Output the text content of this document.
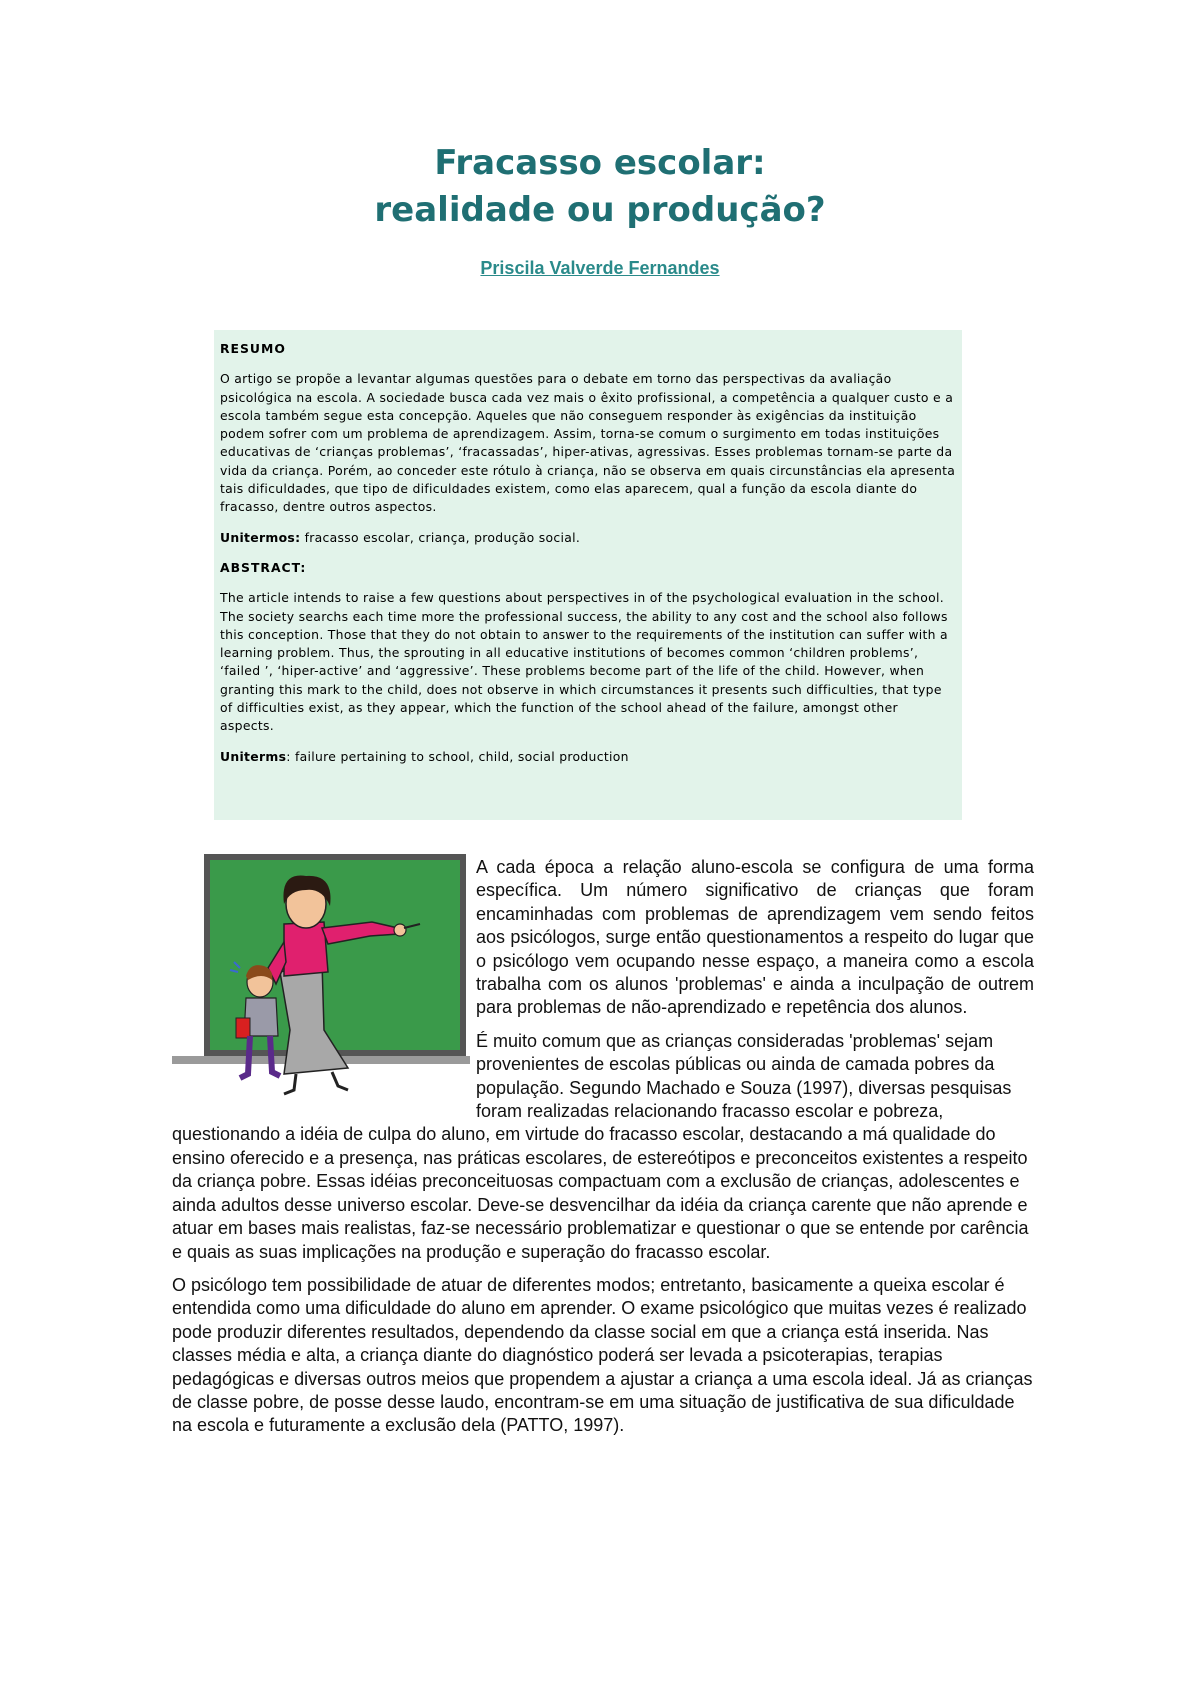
Fracasso escolar:
realidade ou produção?
Priscila Valverde Fernandes

RESUMO

O artigo se propõe a levantar algumas questões para o debate em torno das perspectivas da avaliação psicológica na escola. A sociedade busca cada vez mais o êxito profissional, a competência a qualquer custo e a escola também segue esta concepção. Aqueles que não conseguem responder às exigências da instituição podem sofrer com um problema de aprendizagem. Assim, torna-se comum o surgimento em todas instituições educativas de ‘crianças problemas’, ‘fracassadas’, hiper-ativas, agressivas. Esses problemas tornam-se parte da vida da criança. Porém, ao conceder este rótulo à criança, não se observa em quais circunstâncias ela apresenta tais dificuldades, que tipo de dificuldades existem, como elas aparecem, qual a função da escola diante do fracasso, dentre outros aspectos.

Unitermos: fracasso escolar, criança, produção social.

ABSTRACT:

The article intends to raise a few questions about perspectives in of the psychological evaluation in the school. The society searchs each time more the professional success, the ability to any cost and the school also follows this conception. Those that they do not obtain to answer to the requirements of the institution can suffer with a learning problem. Thus, the sprouting in all educative institutions of becomes common ‘children problems’, ‘failed ’, ‘hiper-active’ and ‘aggressive’. These problems become part of the life of the child. However, when granting this mark to the child, does not observe in which circumstances it presents such difficulties, that type of difficulties exist, as they appear, which the function of the school ahead of the failure, amongst other aspects.

Uniterms: failure pertaining to school, child, social production

A cada época a relação aluno-escola se configura de uma forma específica. Um número significativo de crianças que foram encaminhadas com problemas de aprendizagem vem sendo feitos aos psicólogos, surge então questionamentos a respeito do lugar que o psicólogo vem ocupando nesse espaço, a maneira como a escola trabalha com os alunos 'problemas' e ainda a inculpação de outrem para problemas de não-aprendizado e repetência dos alunos.

É muito comum que as crianças consideradas 'problemas' sejam provenientes de escolas públicas ou ainda de camada pobres da população. Segundo Machado e Souza (1997), diversas pesquisas foram realizadas relacionando fracasso escolar e pobreza, questionando a idéia de culpa do aluno, em virtude do fracasso escolar, destacando a má qualidade do ensino oferecido e a presença, nas práticas escolares, de estereótipos e preconceitos existentes a respeito da criança pobre. Essas idéias preconceituosas compactuam com a exclusão de crianças, adolescentes e ainda adultos desse universo escolar. Deve-se desvencilhar da idéia da criança carente que não aprende e atuar em bases mais realistas, faz-se necessário problematizar e questionar o que se entende por carência e quais as suas implicações na produção e superação do fracasso escolar.

O psicólogo tem possibilidade de atuar de diferentes modos; entretanto, basicamente a queixa escolar é entendida como uma dificuldade do aluno em aprender. O exame psicológico que muitas vezes é realizado pode produzir diferentes resultados, dependendo da classe social em que a criança está inserida. Nas classes média e alta, a criança diante do diagnóstico poderá ser levada a psicoterapias, terapias pedagógicas e diversas outros meios que propendem a ajustar a criança a uma escola ideal. Já as crianças de classe pobre, de posse desse laudo, encontram-se em uma situação de justificativa de sua dificuldade na escola e futuramente a exclusão dela (PATTO, 1997).
